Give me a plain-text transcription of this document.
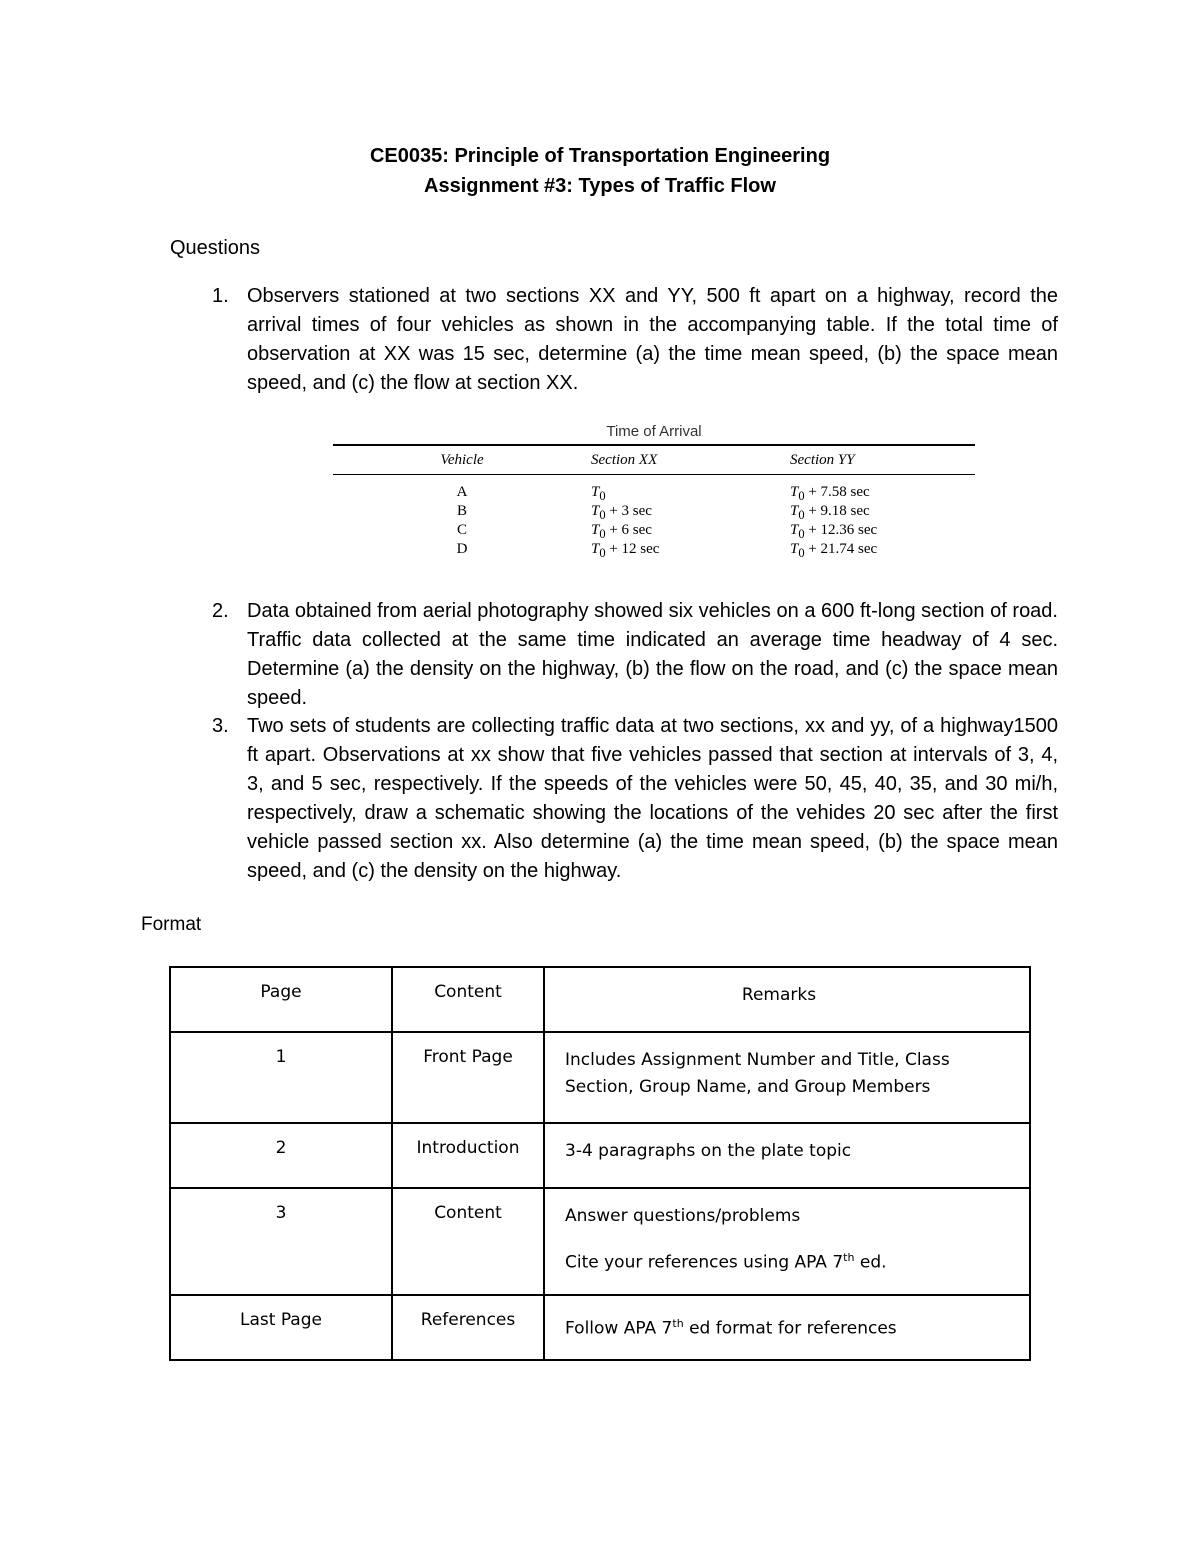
CE0035: Principle of Transportation Engineering
Assignment #3: Types of Traffic Flow
Questions
1. Observers stationed at two sections XX and YY, 500 ft apart on a highway, record the arrival times of four vehicles as shown in the accompanying table. If the total time of observation at XX was 15 sec, determine (a) the time mean speed, (b) the space mean speed, and (c) the flow at section XX.
Time of Arrival
Vehicle	Section XX	Section YY
A	$T_0$	$T_0 + 7.58$ sec
B	$T_0 + 3$ sec	$T_0 + 9.18$ sec
C	$T_0 + 6$ sec	$T_0 + 12.36$ sec
D	$T_0 + 12$ sec	$T_0 + 21.74$ sec
2. Data obtained from aerial photography showed six vehicles on a 600 ft-long section of road. Traffic data collected at the same time indicated an average time headway of 4 sec. Determine (a) the density on the highway, (b) the flow on the road, and (c) the space mean speed.
3. Two sets of students are collecting traffic data at two sections, xx and yy, of a highway1500 ft apart. Observations at xx show that five vehicles passed that section at intervals of 3, 4, 3, and 5 sec, respectively. If the speeds of the vehicles were 50, 45, 40, 35, and 30 mi/h, respectively, draw a schematic showing the locations of the vehides 20 sec after the first vehicle passed section xx. Also determine (a) the time mean speed, (b) the space mean speed, and (c) the density on the highway.
Format
Page	Content	Remarks
1	Front Page	Includes Assignment Number and Title, Class Section, Group Name, and Group Members
2	Introduction	3-4 paragraphs on the plate topic
3	Content	Answer questions/problems
Cite your references using APA 7th ed.

Last Page	References	Follow APA 7th ed format for references
